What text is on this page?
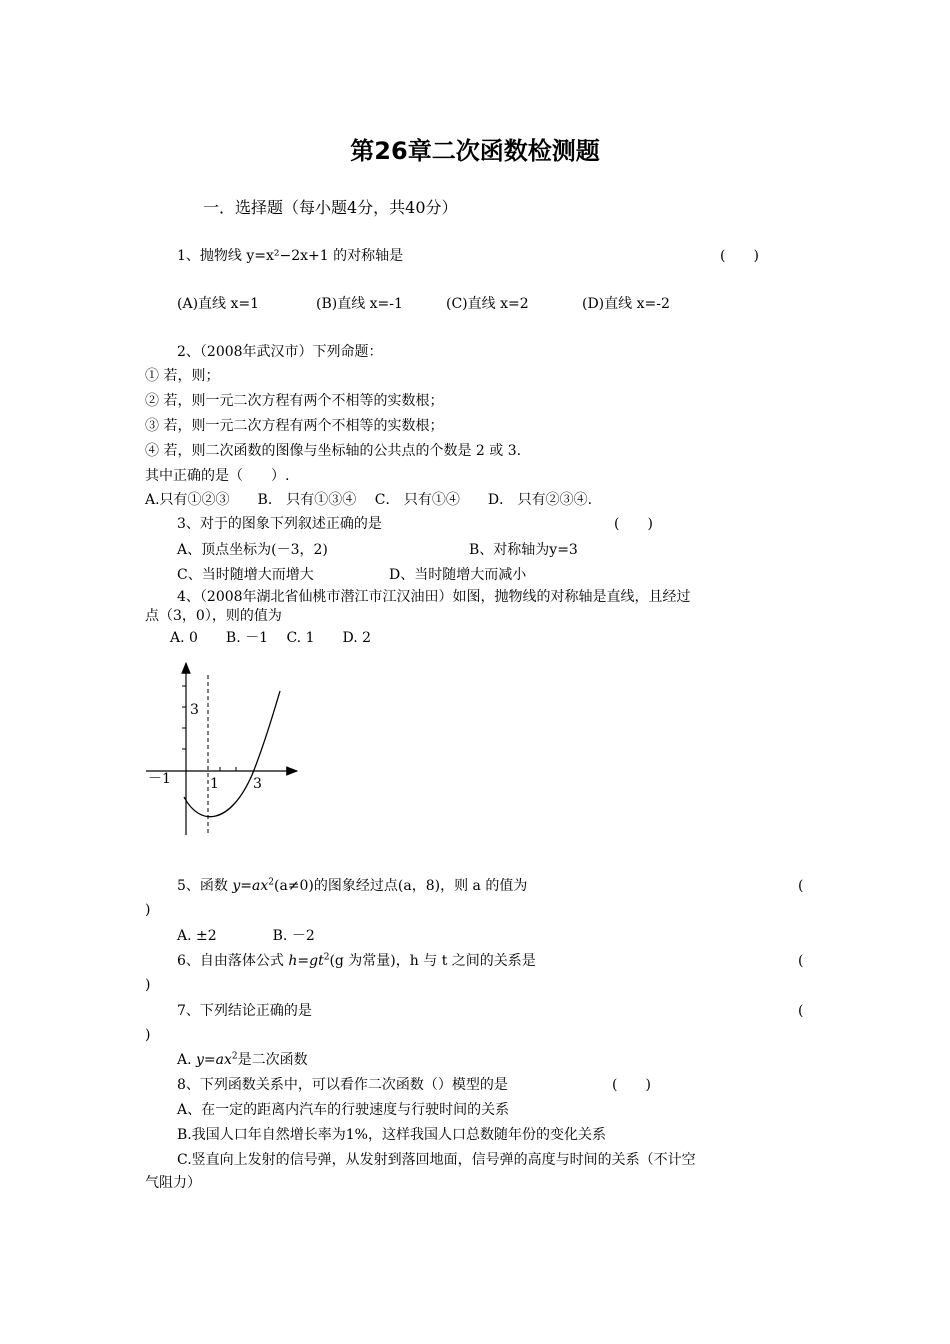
第26章二次函数检测题
一．选择题（每小题4分，共40分）
1、抛物线 y=x²−2x+1 的对称轴是	(　　)
(A)直线 x=1	(B)直线 x=-1	(C)直线 x=2	(D)直线 x=-2
2、（2008年武汉市）下列命题：
① 若，则；
② 若，则一元二次方程有两个不相等的实数根；
③ 若，则一元二次方程有两个不相等的实数根；
④ 若，则二次函数的图像与坐标轴的公共点的个数是 2 或 3.
其中正确的是（　　）.
A.只有①②③　　B． 只有①③④　 C． 只有①④　　D． 只有②③④.
3、对于的图象下列叙述正确的是	(　　)
A、顶点坐标为(－3，2)	B、对称轴为y=3
C、当时随增大而增大	D、当时随增大而减小
4、（2008年湖北省仙桃市潜江市江汉油田）如图，抛物线的对称轴是直线，且经过
点（3，0），则的值为
A. 0　　B. －1　 C. 1　　D. 2
3
－1	1 3
5、函数 $y=ax^2(a\ne 0)$的图象经过点(a，8)，则 a 的值为	(
)
A. ±2　　　　B. －2
6、自由落体公式 $h=gt^2(g$ 为常量)，h 与 t 之间的关系是	(
)
7、下列结论正确的是	(
)
A. $y=ax^2$是二次函数
8、下列函数关系中，可以看作二次函数（）模型的是	(　　)
A、在一定的距离内汽车的行驶速度与行驶时间的关系
B.我国人口年自然增长率为1%，这样我国人口总数随年份的变化关系
C.竖直向上发射的信号弹，从发射到落回地面，信号弹的高度与时间的关系（不计空
气阻力）
